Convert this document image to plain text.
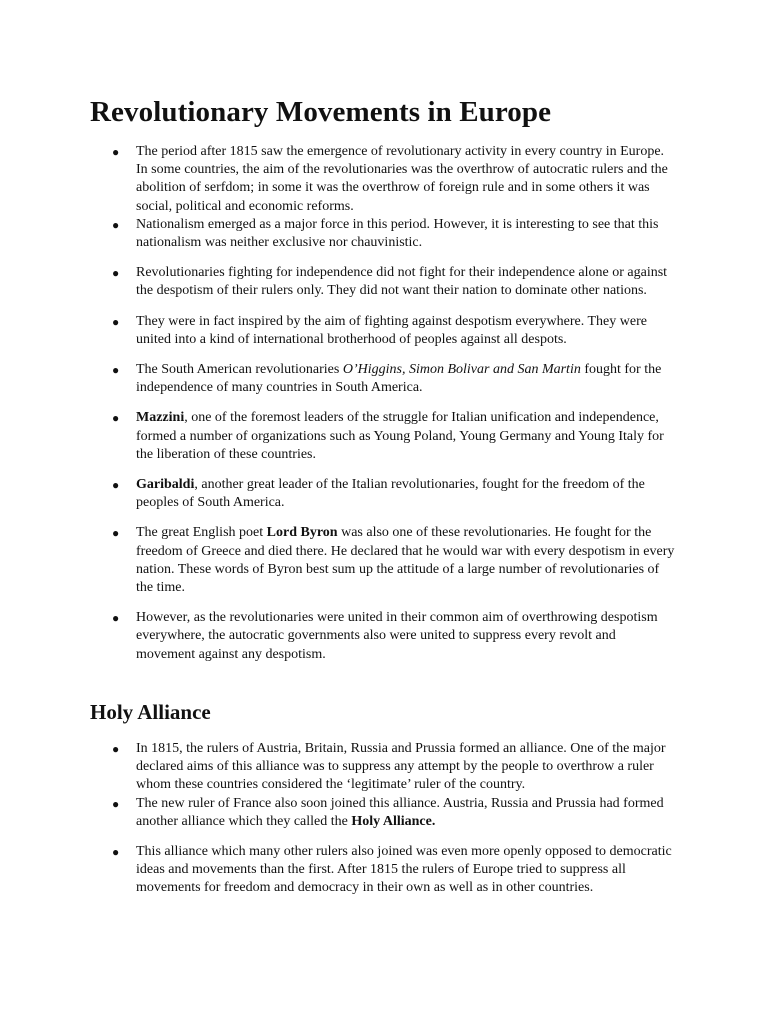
Revolutionary Movements in Europe
● The period after 1815 saw the emergence of revolutionary activity in every country in Europe. In some countries, the aim of the revolutionaries was the overthrow of autocratic rulers and the abolition of serfdom; in some it was the overthrow of foreign rule and in some others it was social, political and economic reforms.
● Nationalism emerged as a major force in this period. However, it is interesting to see that this nationalism was neither exclusive nor chauvinistic.
● Revolutionaries fighting for independence did not fight for their independence alone or against the despotism of their rulers only. They did not want their nation to dominate other nations.
● They were in fact inspired by the aim of fighting against despotism everywhere. They were united into a kind of international brotherhood of peoples against all despots.
● The South American revolutionaries O’Higgins, Simon Bolivar and San Martin fought for the independence of many countries in South America.
● Mazzini, one of the foremost leaders of the struggle for Italian unification and independence, formed a number of organizations such as Young Poland, Young Germany and Young Italy for the liberation of these countries.
● Garibaldi, another great leader of the Italian revolutionaries, fought for the freedom of the peoples of South America.
● The great English poet Lord Byron was also one of these revolutionaries. He fought for the freedom of Greece and died there. He declared that he would war with every despotism in every nation. These words of Byron best sum up the attitude of a large number of revolutionaries of the time.
● However, as the revolutionaries were united in their common aim of overthrowing despotism everywhere, the autocratic governments also were united to suppress every revolt and movement against any despotism.
Holy Alliance
● In 1815, the rulers of Austria, Britain, Russia and Prussia formed an alliance. One of the major declared aims of this alliance was to suppress any attempt by the people to overthrow a ruler whom these countries considered the ‘legitimate’ ruler of the country.
● The new ruler of France also soon joined this alliance. Austria, Russia and Prussia had formed another alliance which they called the Holy Alliance.
● This alliance which many other rulers also joined was even more openly opposed to democratic ideas and movements than the first. After 1815 the rulers of Europe tried to suppress all movements for freedom and democracy in their own as well as in other countries.
